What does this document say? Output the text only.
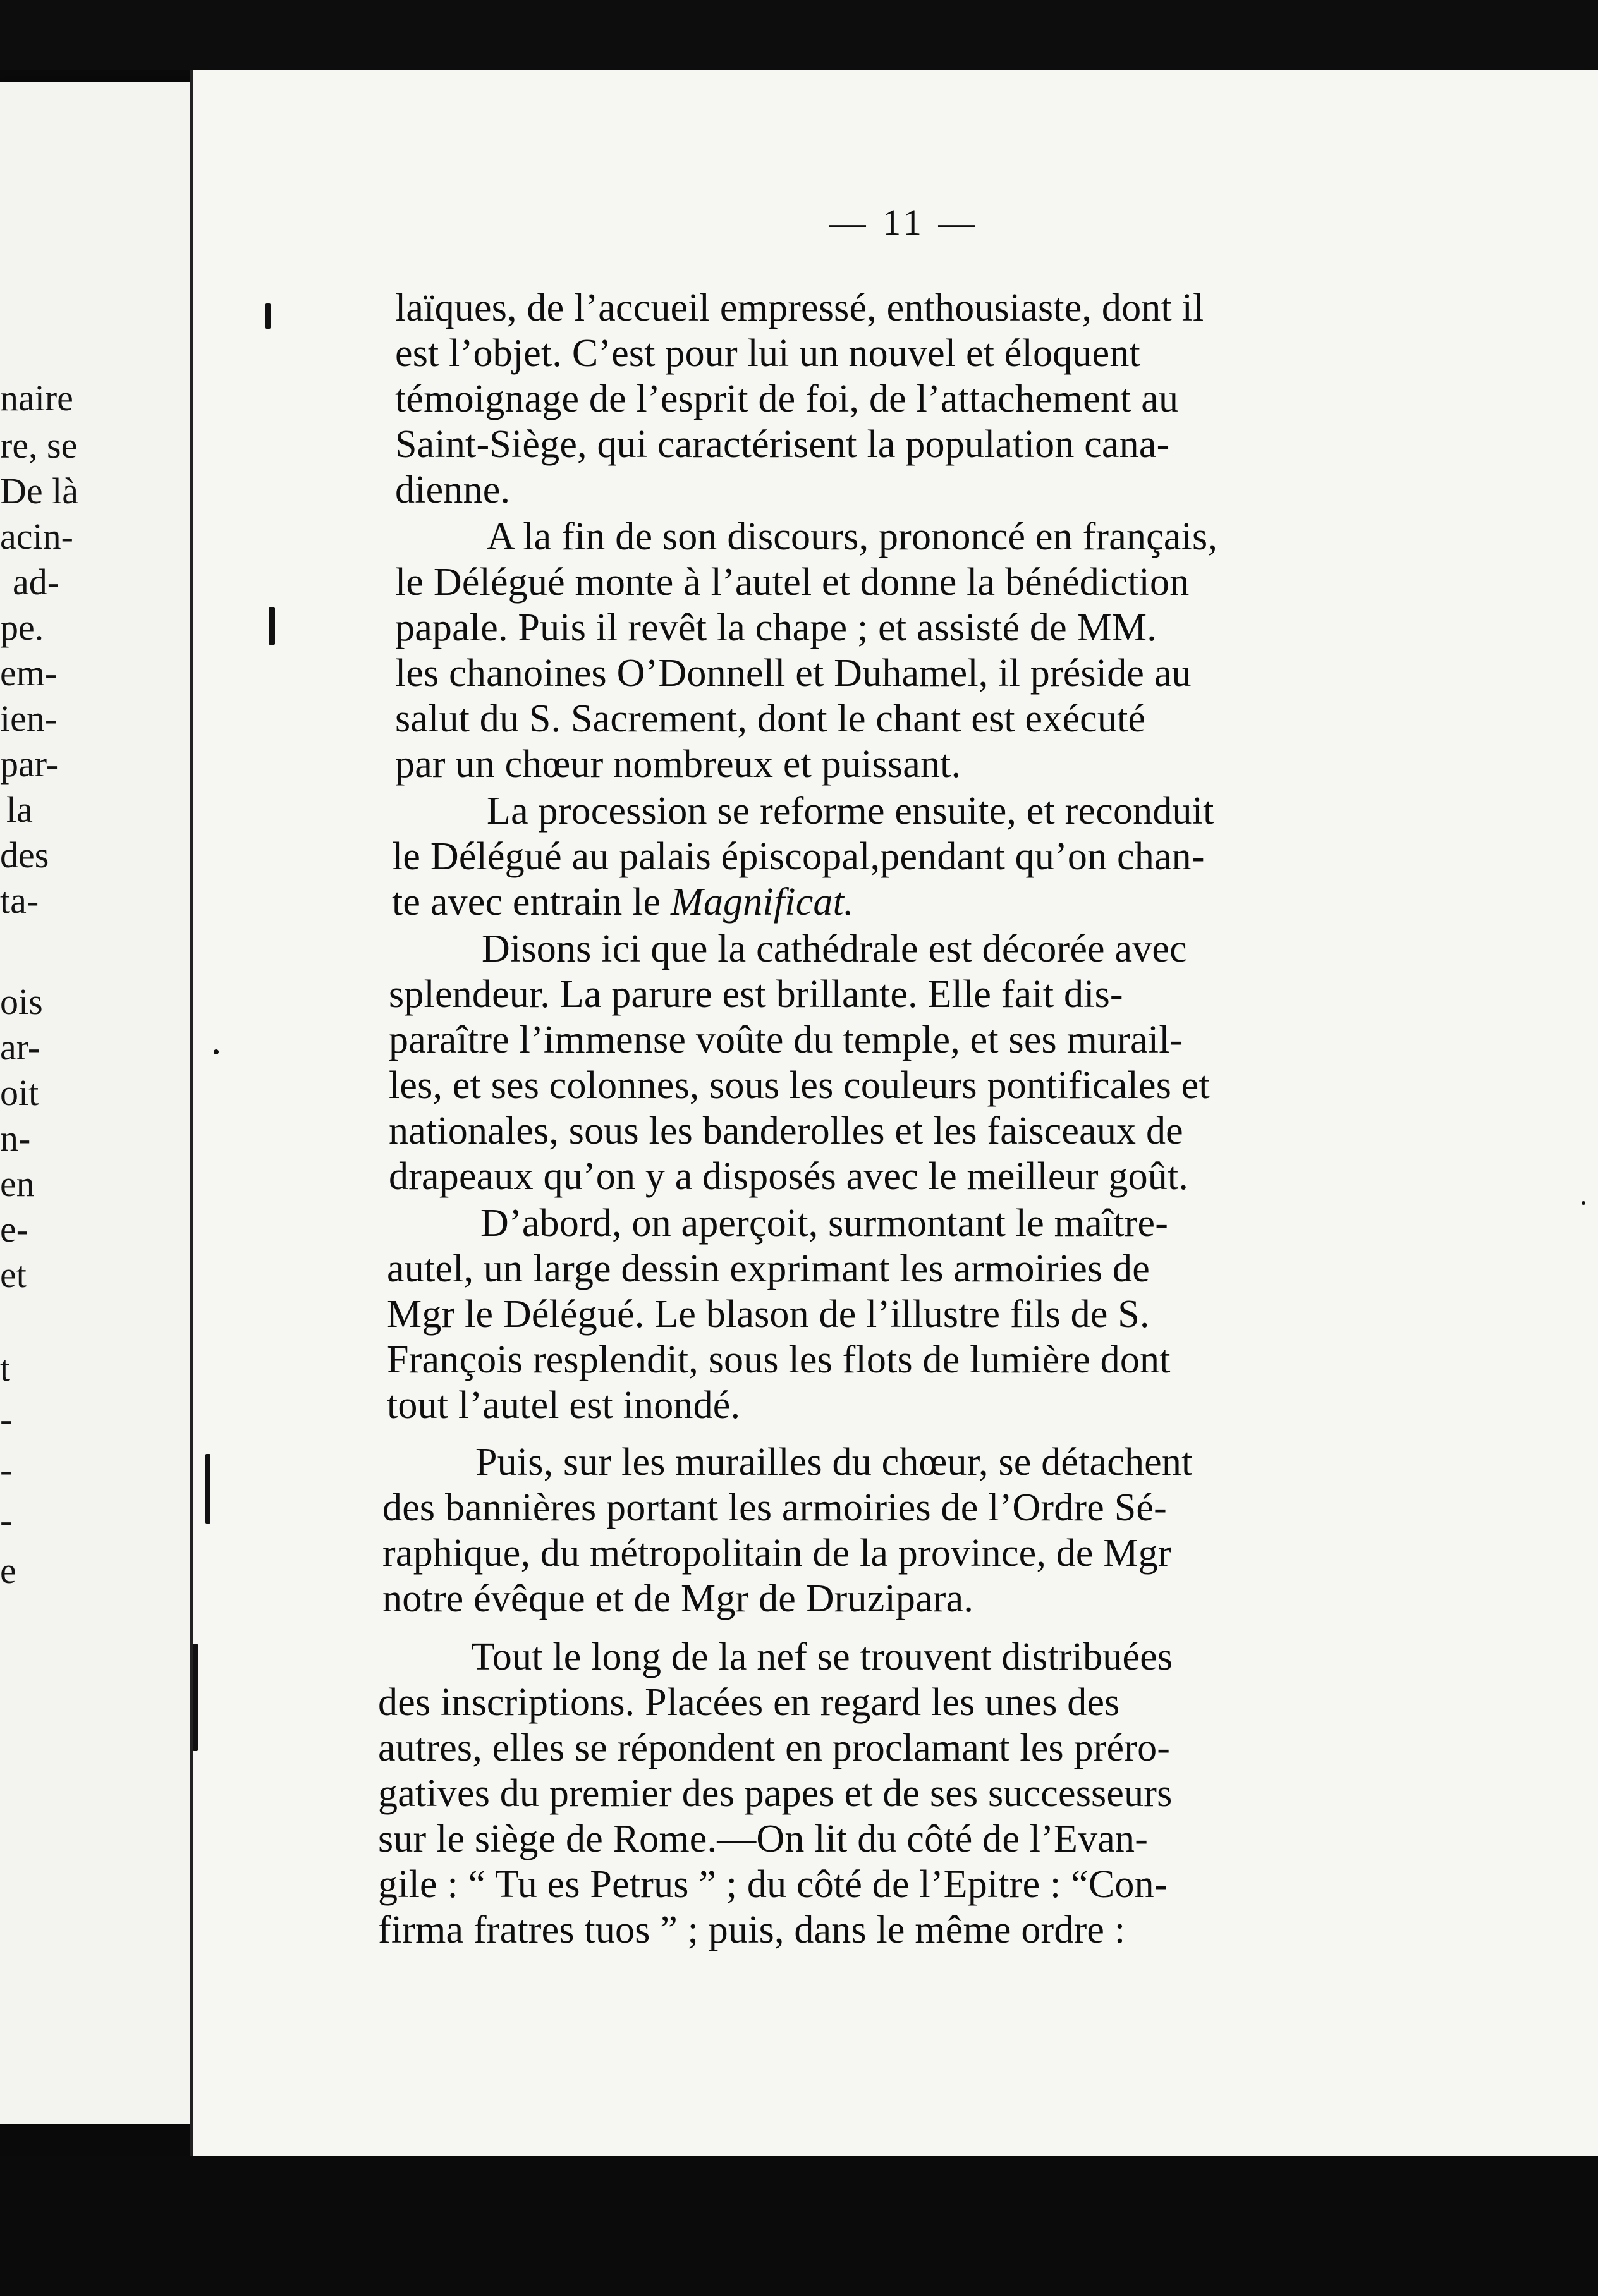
naire
re, se
De là
acin-
ad-
pe.
em-
ien-
par-
la
des
ta-
ois
ar-
oit
n-
en
e-
et
t
-
-
-
e
— 11 —
laïques, de l’accueil empressé, enthousiaste, dont il
est l’objet. C’est pour lui un nouvel et éloquent
témoignage de l’esprit de foi, de l’attachement au
Saint-Siège, qui caractérisent la population cana-
dienne.
A la fin de son discours, prononcé en français,
le Délégué monte à l’autel et donne la bénédiction
papale. Puis il revêt la chape ; et assisté de MM.
les chanoines O’Donnell et Duhamel, il préside au
salut du S. Sacrement, dont le chant est exécuté
par un chœur nombreux et puissant.
La procession se reforme ensuite, et reconduit
le Délégué au palais épiscopal,pendant qu’on chan-
te avec entrain le Magnificat.
Disons ici que la cathédrale est décorée avec
splendeur. La parure est brillante. Elle fait dis-
paraître l’immense voûte du temple, et ses murail-
les, et ses colonnes, sous les couleurs pontificales et
nationales, sous les banderolles et les faisceaux de
drapeaux qu’on y a disposés avec le meilleur goût.
D’abord, on aperçoit, surmontant le maître-
autel, un large dessin exprimant les armoiries de
Mgr le Délégué. Le blason de l’illustre fils de S.
François resplendit, sous les flots de lumière dont
tout l’autel est inondé.
Puis, sur les murailles du chœur, se détachent
des bannières portant les armoiries de l’Ordre Sé-
raphique, du métropolitain de la province, de Mgr
notre évêque et de Mgr de Druzipara.
Tout le long de la nef se trouvent distribuées
des inscriptions. Placées en regard les unes des
autres, elles se répondent en proclamant les préro-
gatives du premier des papes et de ses successeurs
sur le siège de Rome.—On lit du côté de l’Evan-
gile : “ Tu es Petrus ” ; du côté de l’Epitre : “Con-
firma fratres tuos ” ; puis, dans le même ordre :
